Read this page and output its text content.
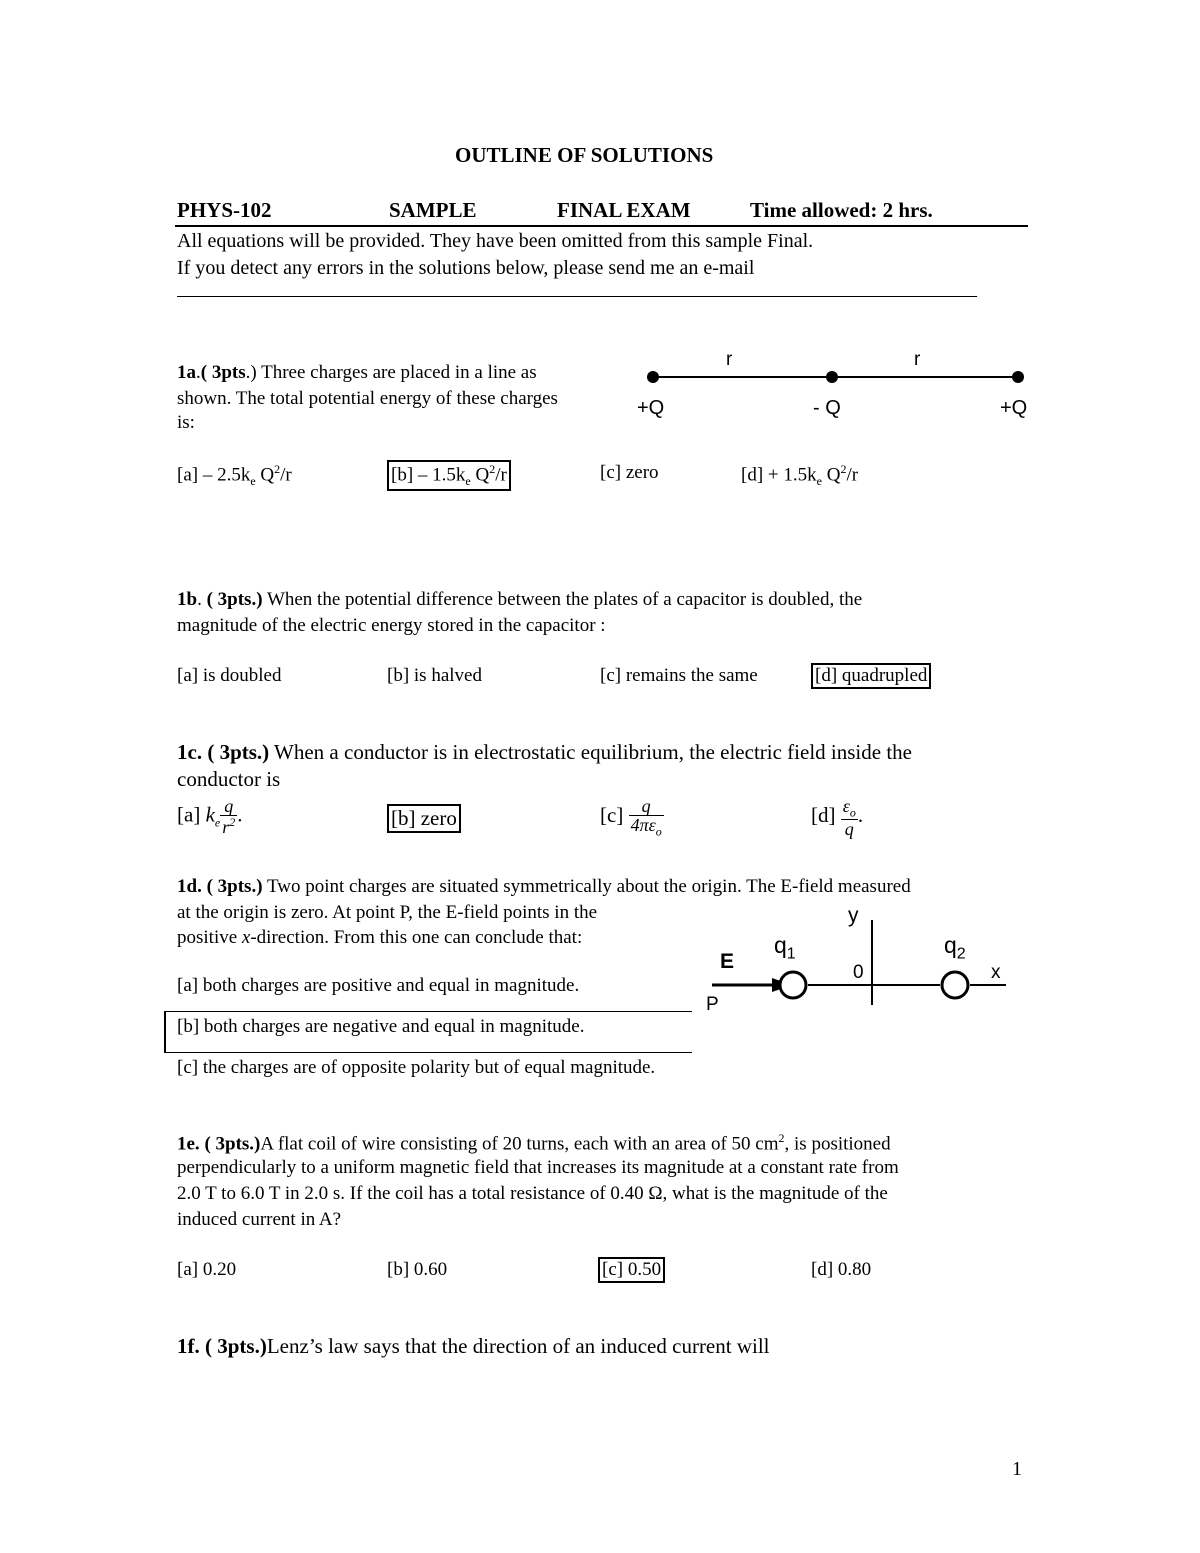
OUTLINE OF SOLUTIONS
PHYS-102	SAMPLE	FINAL EXAM	Time allowed: 2 hrs.
All equations will be provided. They have been omitted from this sample Final.
If you detect any errors in the solutions below, please send me an e-mail
————————————————————————————————————————
1a.( 3pts.) Three charges are placed in a line as
shown. The total potential energy of these charges
is:
r	r
+Q	- Q	+Q
$[a] - 2.5k_e$ $Q^2/r$	$[b] - 1.5k_e$ $Q^2/r$	[c] zero	$[d] + 1.5k_e$ $Q^2/r$
1b. ( 3pts.) When the potential difference between the plates of a capacitor is doubled, the
magnitude of the electric energy stored in the capacitor :
[a] is doubled	[b] is halved	[c] remains the same	[d] quadrupled
1c. ( 3pts.) When a conductor is in electrostatic equilibrium, the electric field inside the
conductor is
[a] $k_e \frac{q}{r^2}$ .	[b] zero	$[c] \frac{q}{4\pi\varepsilon_o}$	$[d] \frac{\varepsilon_o}{q}$ .
1d. ( 3pts.) Two point charges are situated symmetrically about the origin. The E-field measured
at the origin is zero. At point P, the E-field points in the
positive x-direction. From this one can conclude that:
[a] both charges are positive and equal in magnitude.
[b] both charges are negative and equal in magnitude.
[c] the charges are of opposite polarity but of equal magnitude.
y
x
E
P
$q_1$	$q_2$
0
1e. ( 3pts.)A flat coil of wire consisting of 20 turns, each with an area of 50 $cm^2$, is positioned
perpendicularly to a uniform magnetic field that increases its magnitude at a constant rate from
2.0 T to 6.0 T in 2.0 s. If the coil has a total resistance of 0.40 Ω, what is the magnitude of the
induced current in A?
[a] 0.20	[b] 0.60	[c] 0.50	[d] 0.80
1f. ( 3pts.)Lenz’s law says that the direction of an induced current will
1
